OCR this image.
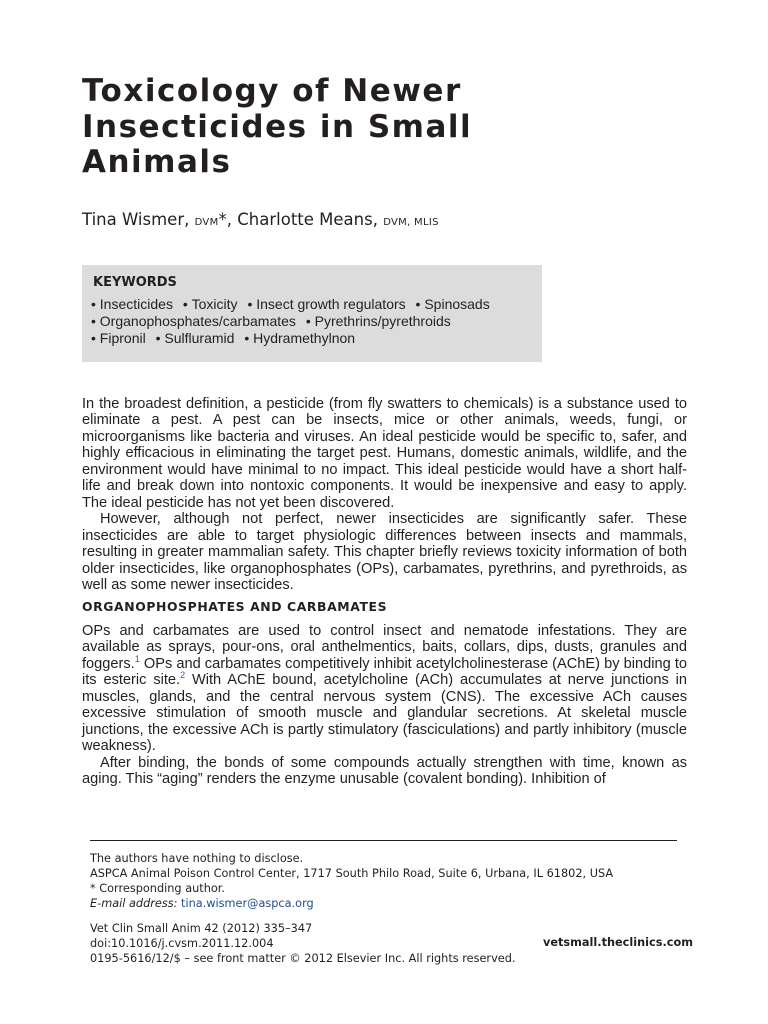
Toxicology of Newer Insecticides in Small Animals
Tina Wismer, DVM*, Charlotte Means, DVM, MLIS
KEYWORDS
• Insecticides • Toxicity • Insect growth regulators • Spinosads
• Organophosphates/carbamates • Pyrethrins/pyrethroids
• Fipronil • Sulfluramid • Hydramethylnon

In the broadest definition, a pesticide (from fly swatters to chemicals) is a substance used to eliminate a pest. A pest can be insects, mice or other animals, weeds, fungi, or microorganisms like bacteria and viruses. An ideal pesticide would be specific to, safer, and highly efficacious in eliminating the target pest. Humans, domestic animals, wildlife, and the environment would have minimal to no impact. This ideal pesticide would have a short half-life and break down into nontoxic components. It would be inexpensive and easy to apply. The ideal pesticide has not yet been discovered.

However, although not perfect, newer insecticides are significantly safer. These insecticides are able to target physiologic differences between insects and mammals, resulting in greater mammalian safety. This chapter briefly reviews toxicity information of both older insecticides, like organophosphates (OPs), carbamates, pyrethrins, and pyrethroids, as well as some newer insecticides.

ORGANOPHOSPHATES AND CARBAMATES

OPs and carbamates are used to control insect and nematode infestations. They are available as sprays, pour-ons, oral anthelmentics, baits, collars, dips, dusts, granules and foggers.$^1$ OPs and carbamates competitively inhibit acetylcholinesterase (AChE) by binding to its esteric site.$^2$ With AChE bound, acetylcholine (ACh) accumulates at nerve junctions in muscles, glands, and the central nervous system (CNS). The excessive ACh causes excessive stimulation of smooth muscle and glandular secretions. At skeletal muscle junctions, the excessive ACh is partly stimulatory (fasciculations) and partly inhibitory (muscle weakness).

After binding, the bonds of some compounds actually strengthen with time, known as aging. This “aging” renders the enzyme unusable (covalent bonding). Inhibition of

The authors have nothing to disclose.
ASPCA Animal Poison Control Center, 1717 South Philo Road, Suite 6, Urbana, IL 61802, USA
* Corresponding author.
E-mail address: tina.wismer@aspca.org
Vet Clin Small Anim 42 (2012) 335–347
doi:10.1016/j.cvsm.2011.12.004
0195-5616/12/$ – see front matter © 2012 Elsevier Inc. All rights reserved.
vetsmall.theclinics.com
